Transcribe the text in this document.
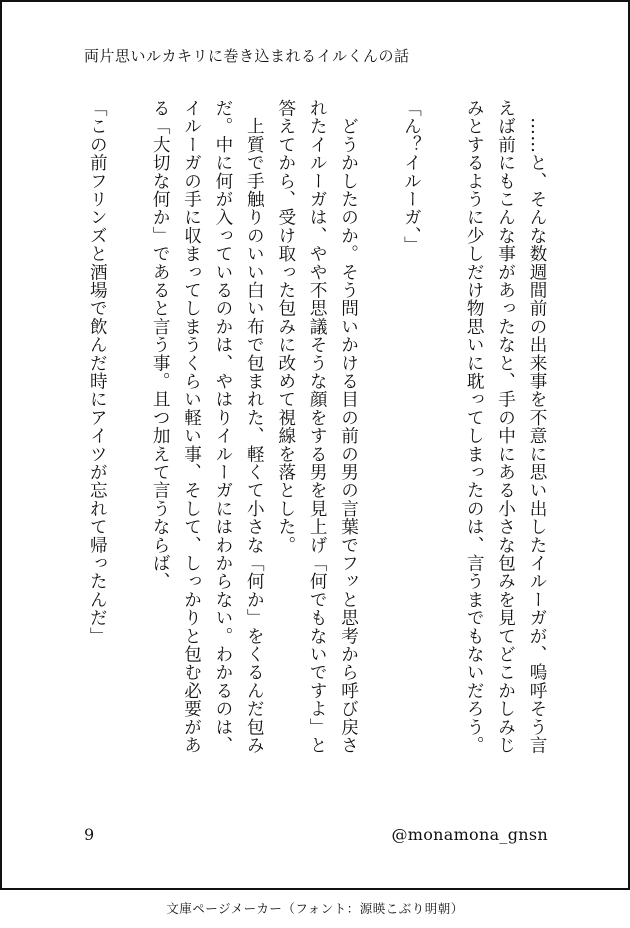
両片思いルカキリに巻き込まれるイルくんの話
　……と、そんな数週間前の出来事を不意に思い出したイルーガが、嗚呼そう言
えば前にもこんな事があったなと、手の中にある小さな包みを見てどこかしみじ
みとするように少しだけ物思いに耽ってしまったのは、言うまでもないだろう。

「ん？イルーガ、」

　どうかしたのか。そう問いかける目の前の男の言葉でフッと思考から呼び戻さ
れたイルーガは、やや不思議そうな顔をする男を見上げ「何でもないですよ」と
答えてから、受け取った包みに改めて視線を落とした。
　上質で手触りのいい白い布で包まれた、軽くて小さな「何か」をくるんだ包み
だ。中に何が入っているのかは、やはりイルーガにはわからない。わかるのは、
イルーガの手に収まってしまうくらい軽い事、そして、しっかりと包む必要があ
る「大切な何か」であると言う事。且つ加えて言うならば、

「この前フリンズと酒場で飲んだ時にアイツが忘れて帰ったんだ」
9	@monamona_gnsn
文庫ページメーカー（フォント：源暎こぶり明朝）
